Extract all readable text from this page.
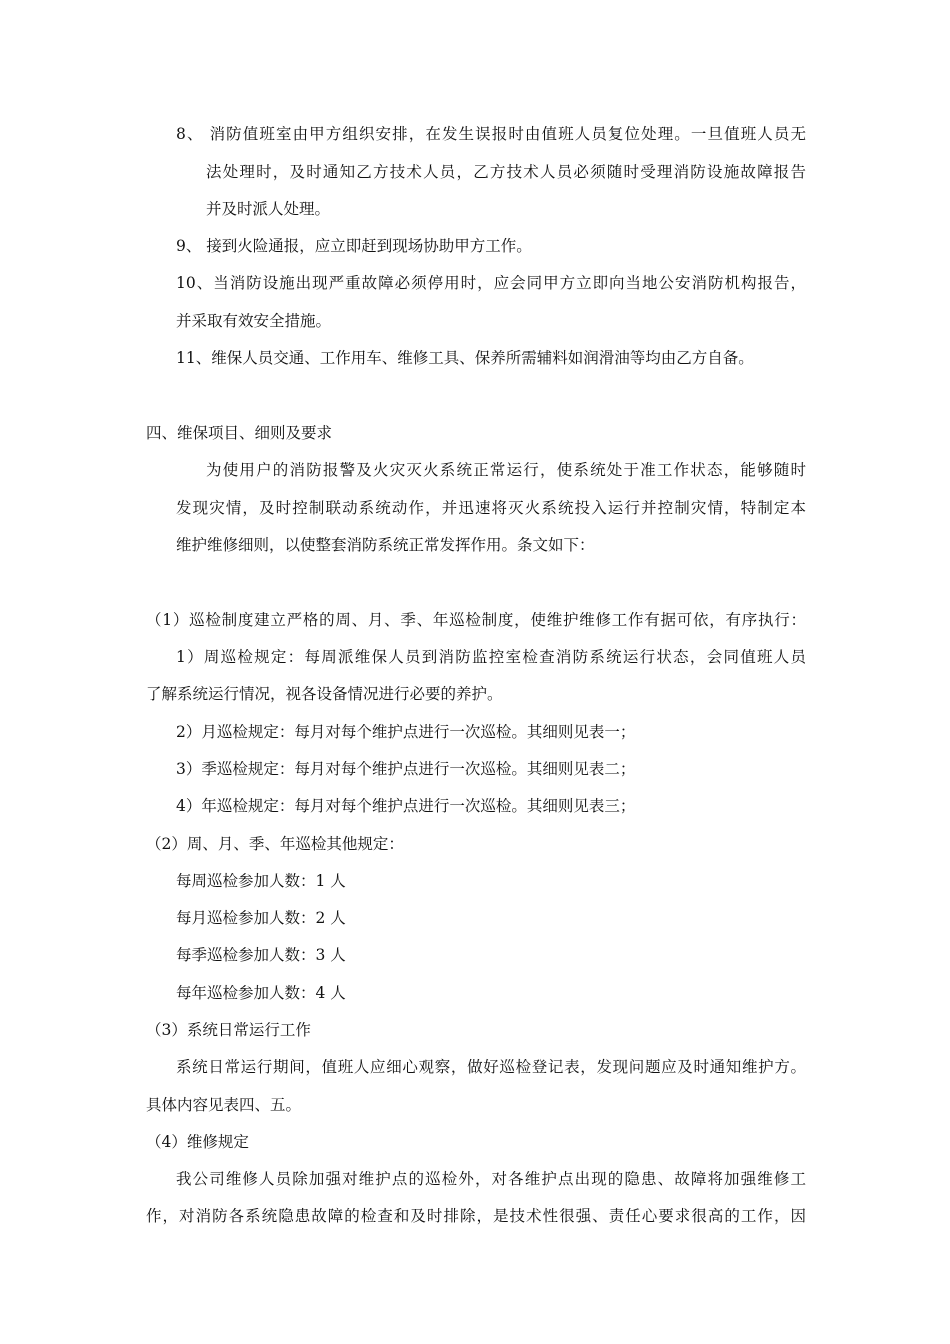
8、 消防值班室由甲方组织安排，在发生误报时由值班人员复位处理。一旦值班人员无
法处理时，及时通知乙方技术人员，乙方技术人员必须随时受理消防设施故障报告
并及时派人处理。
9、 接到火险通报，应立即赶到现场协助甲方工作。
10、当消防设施出现严重故障必须停用时，应会同甲方立即向当地公安消防机构报告，
并采取有效安全措施。
11、维保人员交通、工作用车、维修工具、保养所需辅料如润滑油等均由乙方自备。
四、维保项目、细则及要求
为使用户的消防报警及火灾灭火系统正常运行，使系统处于准工作状态，能够随时
发现灾情，及时控制联动系统动作，并迅速将灭火系统投入运行并控制灾情，特制定本
维护维修细则，以使整套消防系统正常发挥作用。条文如下：
（1）巡检制度建立严格的周、月、季、年巡检制度，使维护维修工作有据可依，有序执行：
1）周巡检规定：每周派维保人员到消防监控室检查消防系统运行状态，会同值班人员
了解系统运行情况，视各设备情况进行必要的养护。
2）月巡检规定：每月对每个维护点进行一次巡检。其细则见表一；
3）季巡检规定：每月对每个维护点进行一次巡检。其细则见表二；
4）年巡检规定：每月对每个维护点进行一次巡检。其细则见表三；
（2）周、月、季、年巡检其他规定：
每周巡检参加人数：1 人
每月巡检参加人数：2 人
每季巡检参加人数：3 人
每年巡检参加人数：4 人
（3）系统日常运行工作
系统日常运行期间，值班人应细心观察，做好巡检登记表，发现问题应及时通知维护方。
具体内容见表四、五。
（4）维修规定
我公司维修人员除加强对维护点的巡检外，对各维护点出现的隐患、故障将加强维修工
作，对消防各系统隐患故障的检查和及时排除，是技术性很强、责任心要求很高的工作，因
